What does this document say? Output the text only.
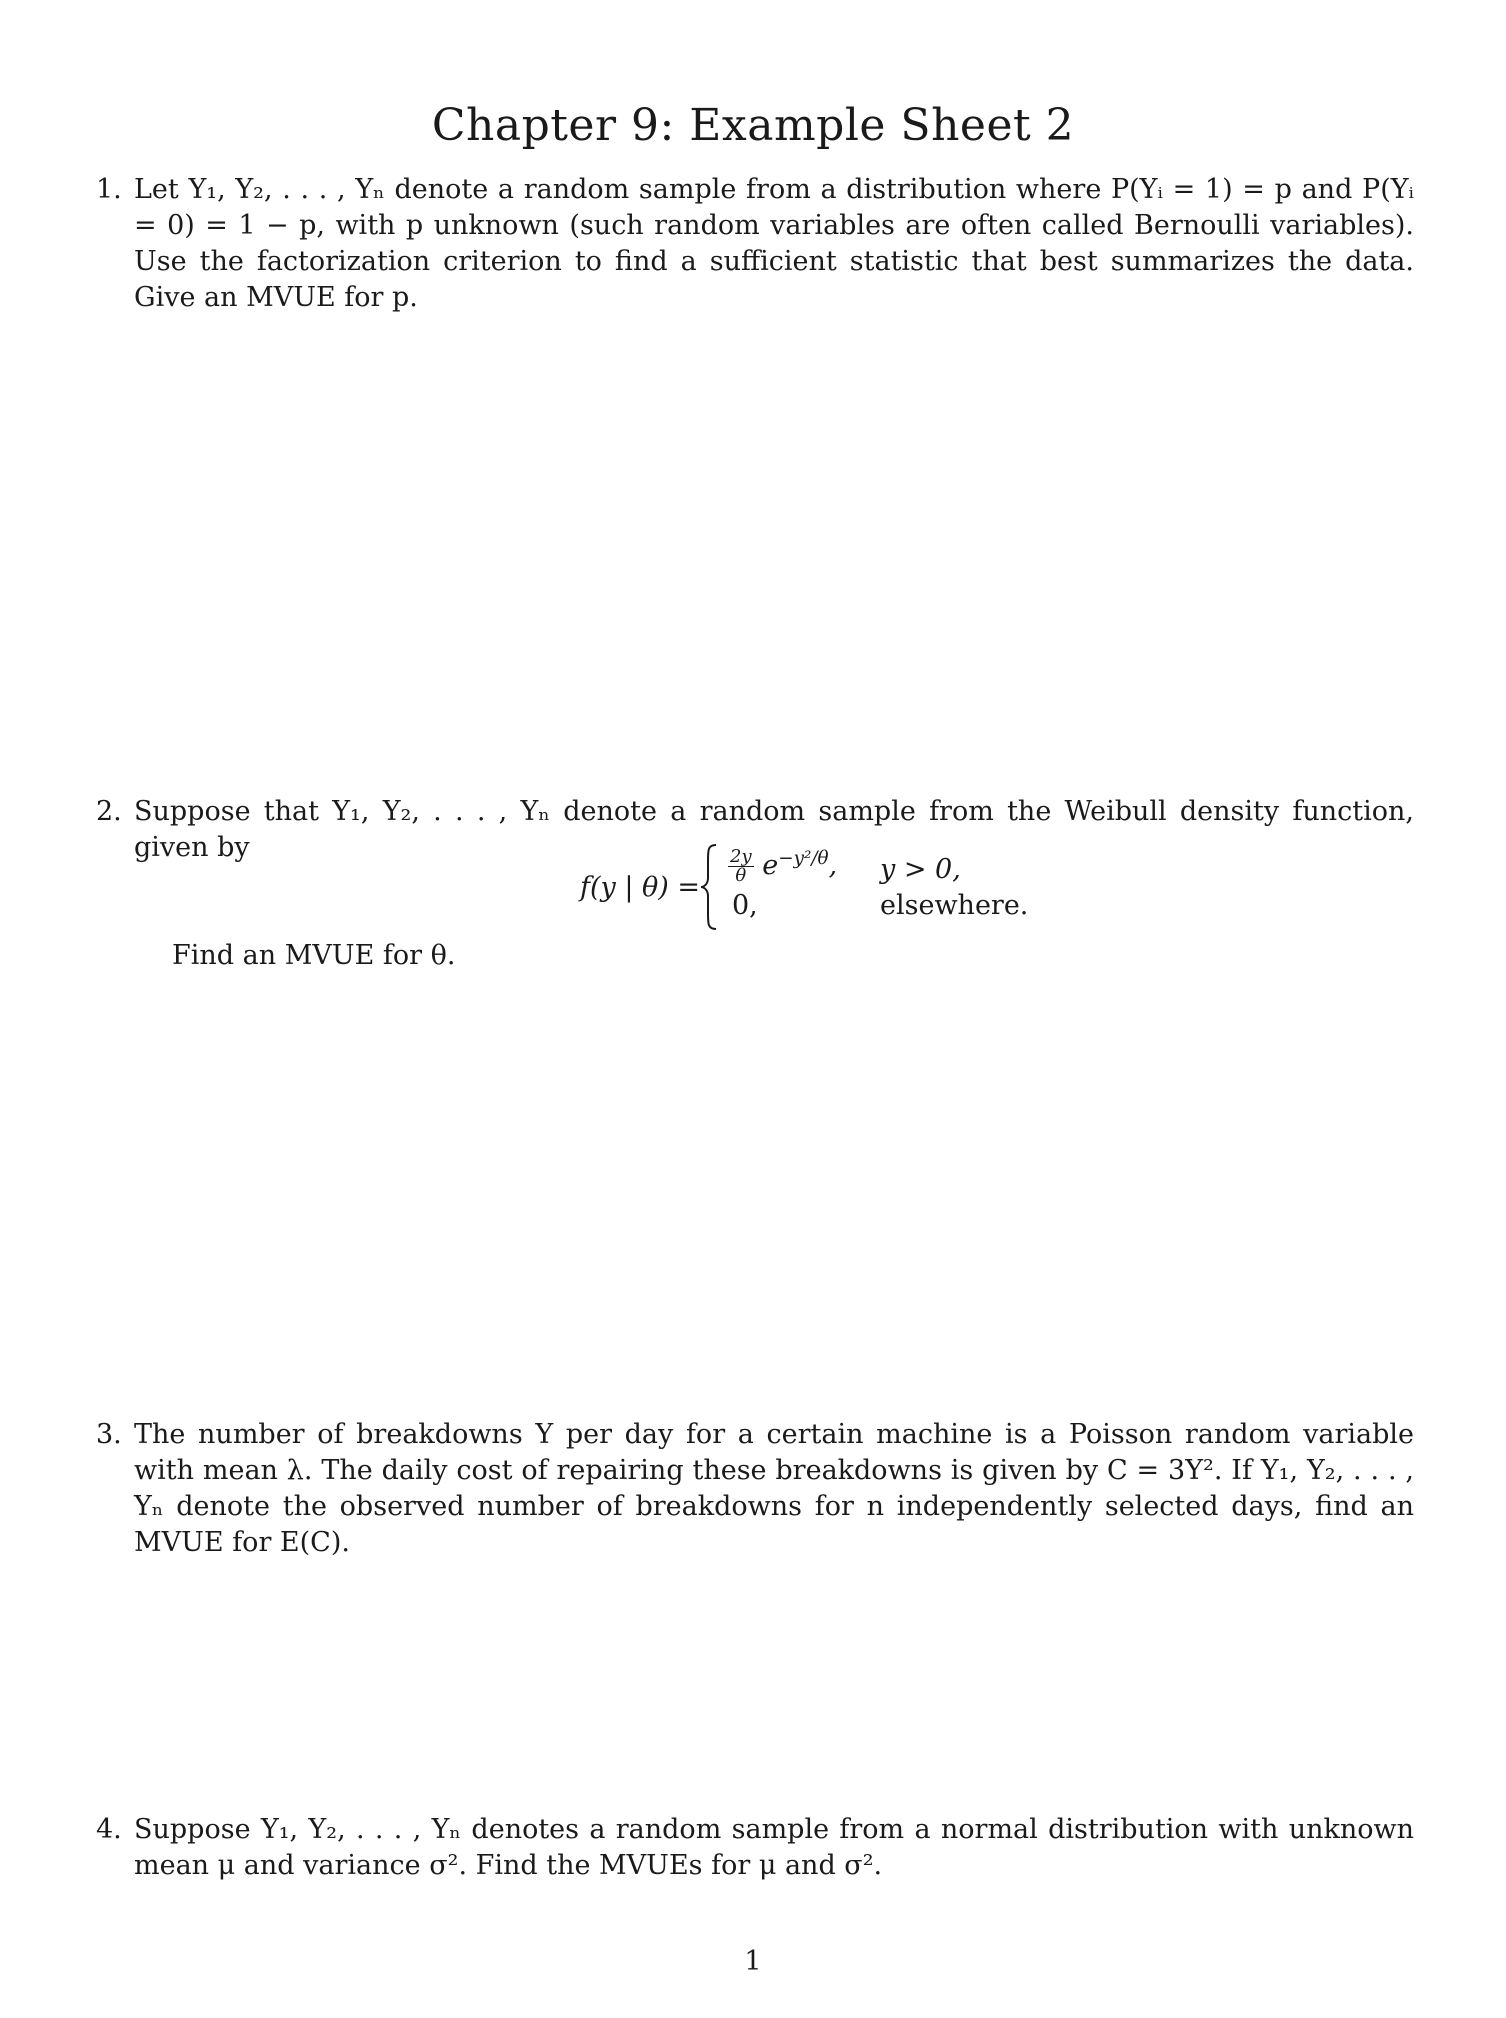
Chapter 9: Example Sheet 2
1. Let Y₁, Y₂, . . . , Yₙ denote a random sample from a distribution where P(Yᵢ = 1) = p and P(Yᵢ = 0) = 1 − p, with p unknown (such random variables are often called Bernoulli variables). Use the factorization criterion to find a sufficient statistic that best summarizes the data. Give an MVUE for p.

2. Suppose that Y₁, Y₂, . . . , Yₙ denote a random sample from the Weibull density function, given by

f(y | θ) =
$\frac{2y}{\theta} e^{-y^2/\theta}$, y > 0,
0,	elsewhere.
Find an MVUE for θ.
3. The number of breakdowns Y per day for a certain machine is a Poisson random variable with mean λ. The daily cost of repairing these breakdowns is given by C = 3Y². If Y₁, Y₂, . . . , Yₙ denote the observed number of breakdowns for n independently selected days, find an MVUE for E(C).

4. Suppose Y₁, Y₂, . . . , Yₙ denotes a random sample from a normal distribution with unknown mean μ and variance σ². Find the MVUEs for μ and σ².

1
